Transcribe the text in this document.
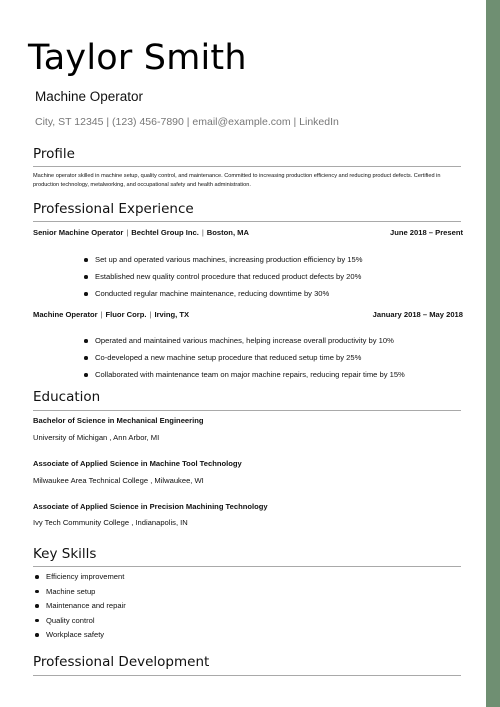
Taylor Smith
Machine Operator
City, ST 12345 | (123) 456-7890 | email@example.com | LinkedIn
Profile
Machine operator skilled in machine setup, quality control, and maintenance. Committed to increasing production efficiency and reducing product defects. Certified in production technology, metalworking, and occupational safety and health administration.
Professional Experience
Senior Machine Operator | Bechtel Group Inc. | Boston, MA	June 2018 – Present
Set up and operated various machines, increasing production efficiency by 15%
Established new quality control procedure that reduced product defects by 20%
Conducted regular machine maintenance, reducing downtime by 30%
Machine Operator | Fluor Corp. | Irving, TX	January 2018 – May 2018
Operated and maintained various machines, helping increase overall productivity by 10%
Co-developed a new machine setup procedure that reduced setup time by 25%
Collaborated with maintenance team on major machine repairs, reducing repair time by 15%
Education
Bachelor of Science in Mechanical Engineering
University of Michigan , Ann Arbor, MI
Associate of Applied Science in Machine Tool Technology
Milwaukee Area Technical College , Milwaukee, WI
Associate of Applied Science in Precision Machining Technology
Ivy Tech Community College , Indianapolis, IN
Key Skills
Efficiency improvement
Machine setup
Maintenance and repair
Quality control
Workplace safety
Professional Development
